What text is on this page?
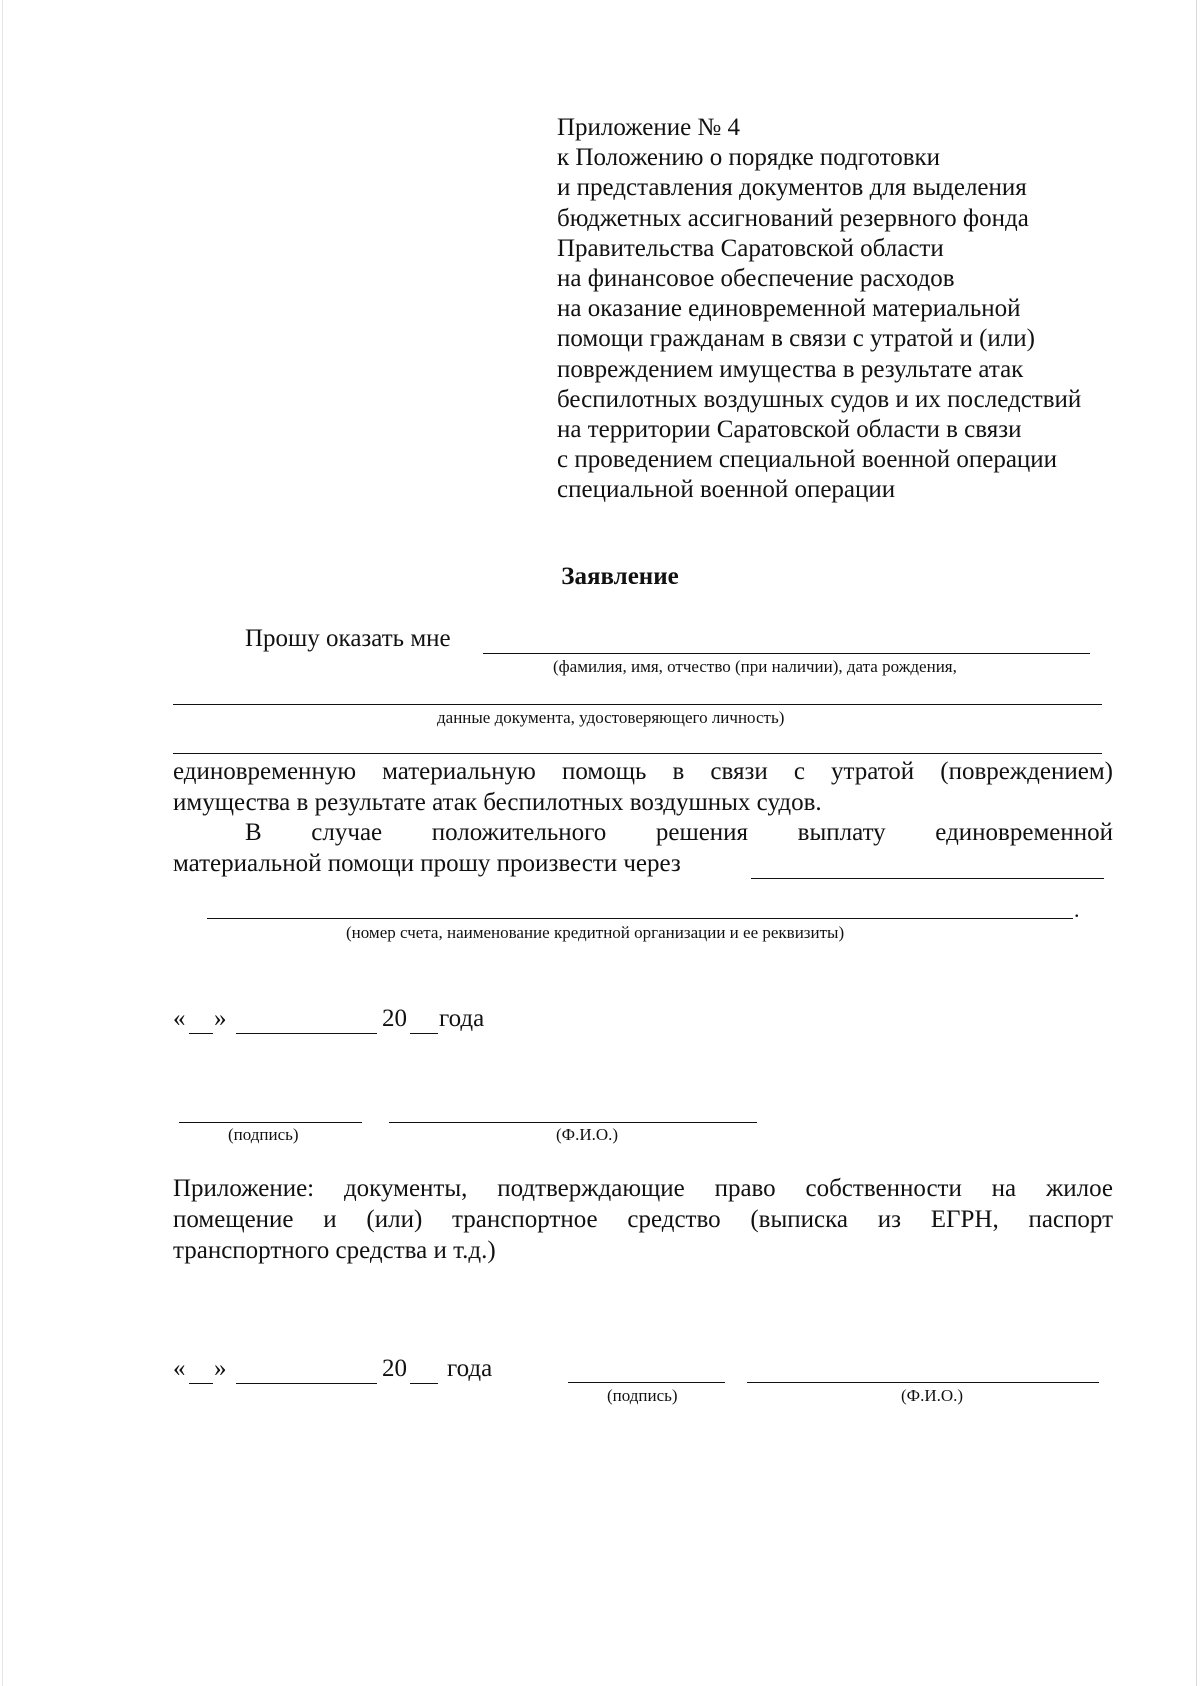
Приложение № 4
к Положению о порядке подготовки
и представления документов для выделения
бюджетных ассигнований резервного фонда
Правительства Саратовской области
на финансовое обеспечение расходов
на оказание единовременной материальной
помощи гражданам в связи с утратой и (или)
повреждением имущества в результате атак
беспилотных воздушных судов и их последствий
на территории Саратовской области в связи
с проведением специальной военной операции
специальной военной операции
Заявление
Прошу оказать мне
(фамилия, имя, отчество (при наличии), дата рождения,
данные документа, удостоверяющего личность)
единовременную материальную помощь в связи с утратой (повреждением)
имущества в результате атак беспилотных воздушных судов.
В случае положительного решения выплату единовременной
материальной помощи прошу произвести через
.
(номер счета, наименование кредитной организации и ее реквизиты)
« »	20 года
(подпись)	(Ф.И.О.)
Приложение: документы, подтверждающие право собственности на жилое
помещение и (или) транспортное средство (выписка из ЕГРН, паспорт
транспортного средства и т.д.)
« »	20 года
(подпись)	(Ф.И.О.)
